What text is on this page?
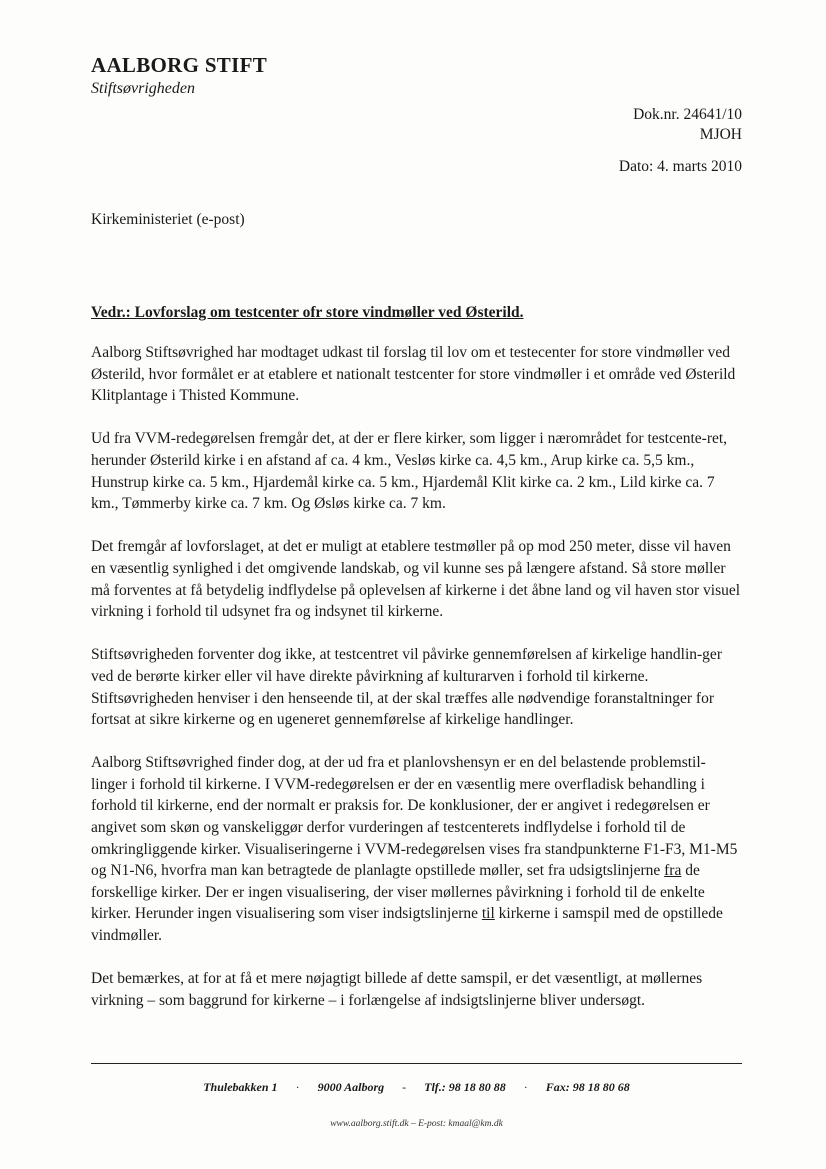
AALBORG STIFT
Stiftsøvrigheden
Dok.nr. 24641/10
MJOH
Dato: 4. marts 2010
Kirkeministeriet (e-post)
Vedr.: Lovforslag om testcenter ofr store vindmøller ved Østerild.

Aalborg Stiftsøvrighed har modtaget udkast til forslag til lov om et testecenter for store vindmøller ved Østerild, hvor formålet er at etablere et nationalt testcenter for store vindmøller i et område ved Østerild Klitplantage i Thisted Kommune.

Ud fra VVM-redegørelsen fremgår det, at der er flere kirker, som ligger i nærområdet for testcente-ret, herunder Østerild kirke i en afstand af ca. 4 km., Vesløs kirke ca. 4,5 km., Arup kirke ca. 5,5 km., Hunstrup kirke ca. 5 km., Hjardemål kirke ca. 5 km., Hjardemål Klit kirke ca. 2 km., Lild kirke ca. 7 km., Tømmerby kirke ca. 7 km. Og Øsløs kirke ca. 7 km.

Det fremgår af lovforslaget, at det er muligt at etablere testmøller på op mod 250 meter, disse vil haven en væsentlig synlighed i det omgivende landskab, og vil kunne ses på længere afstand. Så store møller må forventes at få betydelig indflydelse på oplevelsen af kirkerne i det åbne land og vil haven stor visuel virkning i forhold til udsynet fra og indsynet til kirkerne.

Stiftsøvrigheden forventer dog ikke, at testcentret vil påvirke gennemførelsen af kirkelige handlin-ger ved de berørte kirker eller vil have direkte påvirkning af kulturarven i forhold til kirkerne. Stiftsøvrigheden henviser i den henseende til, at der skal træffes alle nødvendige foranstaltninger for fortsat at sikre kirkerne og en ugeneret gennemførelse af kirkelige handlinger.

Aalborg Stiftsøvrighed finder dog, at der ud fra et planlovshensyn er en del belastende problemstil-linger i forhold til kirkerne. I VVM-redegørelsen er der en væsentlig mere overfladisk behandling i forhold til kirkerne, end der normalt er praksis for. De konklusioner, der er angivet i redegørelsen er angivet som skøn og vanskeliggør derfor vurderingen af testcenterets indflydelse i forhold til de omkringliggende kirker. Visualiseringerne i VVM-redegørelsen vises fra standpunkterne F1-F3, M1-M5 og N1-N6, hvorfra man kan betragtede de planlagte opstillede møller, set fra udsigtslinjerne fra de forskellige kirker. Der er ingen visualisering, der viser møllernes påvirkning i forhold til de enkelte kirker. Herunder ingen visualisering som viser indsigtslinjerne til kirkerne i samspil med de opstillede vindmøller.

Det bemærkes, at for at få et mere nøjagtigt billede af dette samspil, er det væsentligt, at møllernes virkning – som baggrund for kirkerne – i forlængelse af indsigtslinjerne bliver undersøgt.

Thulebakken 1 · 9000 Aalborg - Tlf.: 98 18 80 88 · Fax: 98 18 80 68
www.aalborg.stift.dk – E-post: kmaal@km.dk
